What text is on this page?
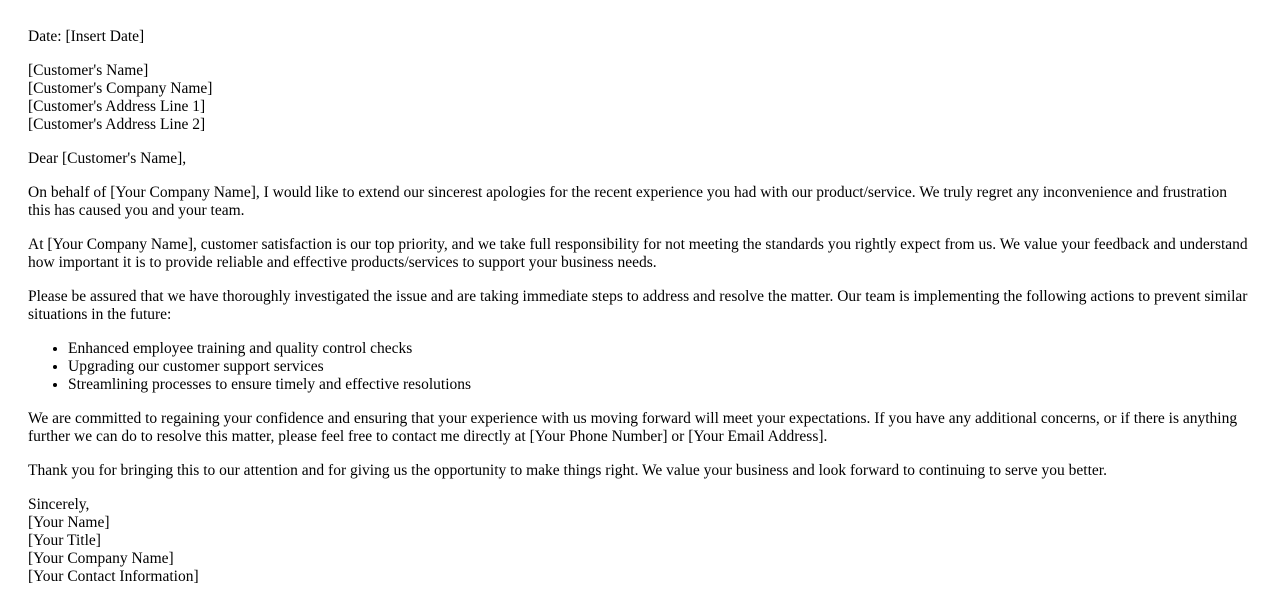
Date: [Insert Date]

[Customer's Name]
[Customer's Company Name]
[Customer's Address Line 1]
[Customer's Address Line 2]

Dear [Customer's Name],

On behalf of [Your Company Name], I would like to extend our sincerest apologies for the recent experience you had with our product/service. We truly regret any inconvenience and frustration this has caused you and your team.

At [Your Company Name], customer satisfaction is our top priority, and we take full responsibility for not meeting the standards you rightly expect from us. We value your feedback and understand how important it is to provide reliable and effective products/services to support your business needs.

Please be assured that we have thoroughly investigated the issue and are taking immediate steps to address and resolve the matter. Our team is implementing the following actions to prevent similar situations in the future:

• Enhanced employee training and quality control checks
• Upgrading our customer support services
• Streamlining processes to ensure timely and effective resolutions

We are committed to regaining your confidence and ensuring that your experience with us moving forward will meet your expectations. If you have any additional concerns, or if there is anything further we can do to resolve this matter, please feel free to contact me directly at [Your Phone Number] or [Your Email Address].

Thank you for bringing this to our attention and for giving us the opportunity to make things right. We value your business and look forward to continuing to serve you better.

Sincerely,
[Your Name]
[Your Title]
[Your Company Name]
[Your Contact Information]
